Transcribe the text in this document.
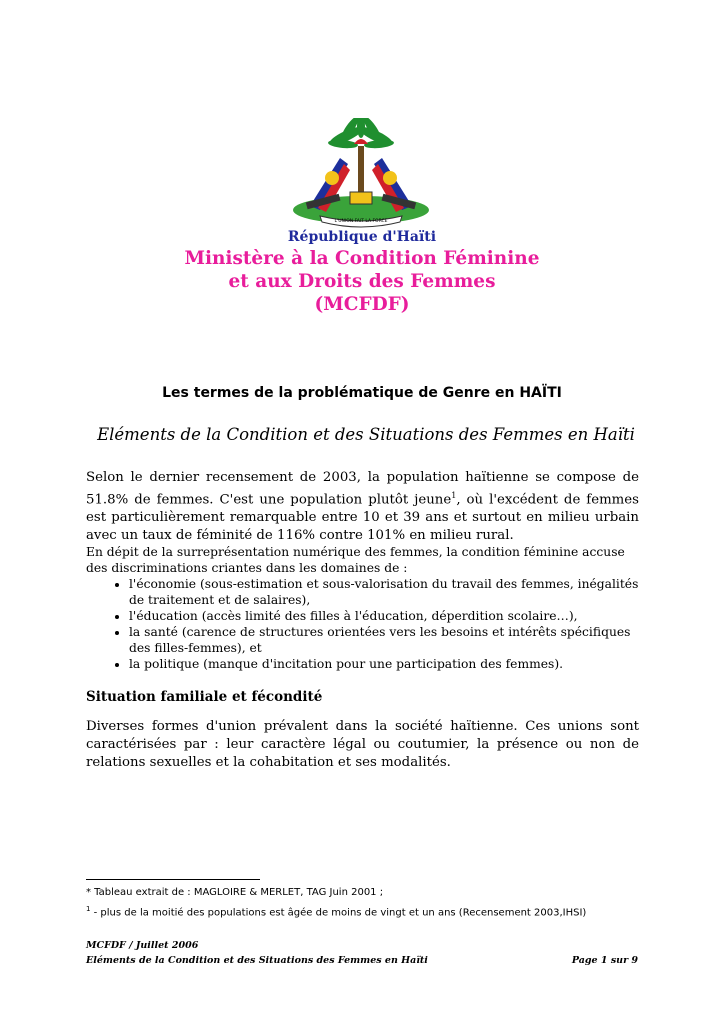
L'UNION FAIT LA FORCE
République d'Haïti
Ministère à la Condition Féminine
et aux Droits des Femmes
(MCFDF)
Les termes de la problématique de Genre en HAÏTI
Eléments de la Condition et des Situations des Femmes en Haïti

Selon le dernier recensement de 2003, la population haïtienne se compose de 51.8% de femmes. C'est une population plutôt jeune$^1$, où l'excédent de femmes est particulièrement remarquable entre 10 et 39 ans et surtout en milieu urbain avec un taux de féminité de 116% contre 101% en milieu rural.

En dépit de la surreprésentation numérique des femmes, la condition féminine accuse des discriminations criantes dans les domaines de :
• l'économie (sous-estimation et sous-valorisation du travail des femmes, inégalités de traitement et de salaires),
• l'éducation (accès limité des filles à l'éducation, déperdition scolaire…),
• la santé (carence de structures orientées vers les besoins et intérêts spécifiques des filles-femmes), et
• la politique (manque d'incitation pour une participation des femmes).
Situation familiale et fécondité

Diverses formes d'union prévalent dans la société haïtienne. Ces unions sont caractérisées par : leur caractère légal ou coutumier, la présence ou non de relations sexuelles et la cohabitation et ses modalités.

* Tableau extrait de : MAGLOIRE & MERLET, TAG Juin 2001 ;
$^1$ - plus de la moitié des populations est âgée de moins de vingt et un ans (Recensement 2003,IHSI)
MCFDF / Juillet 2006
Eléments de la Condition et des Situations des Femmes en Haïti	Page 1 sur 9
